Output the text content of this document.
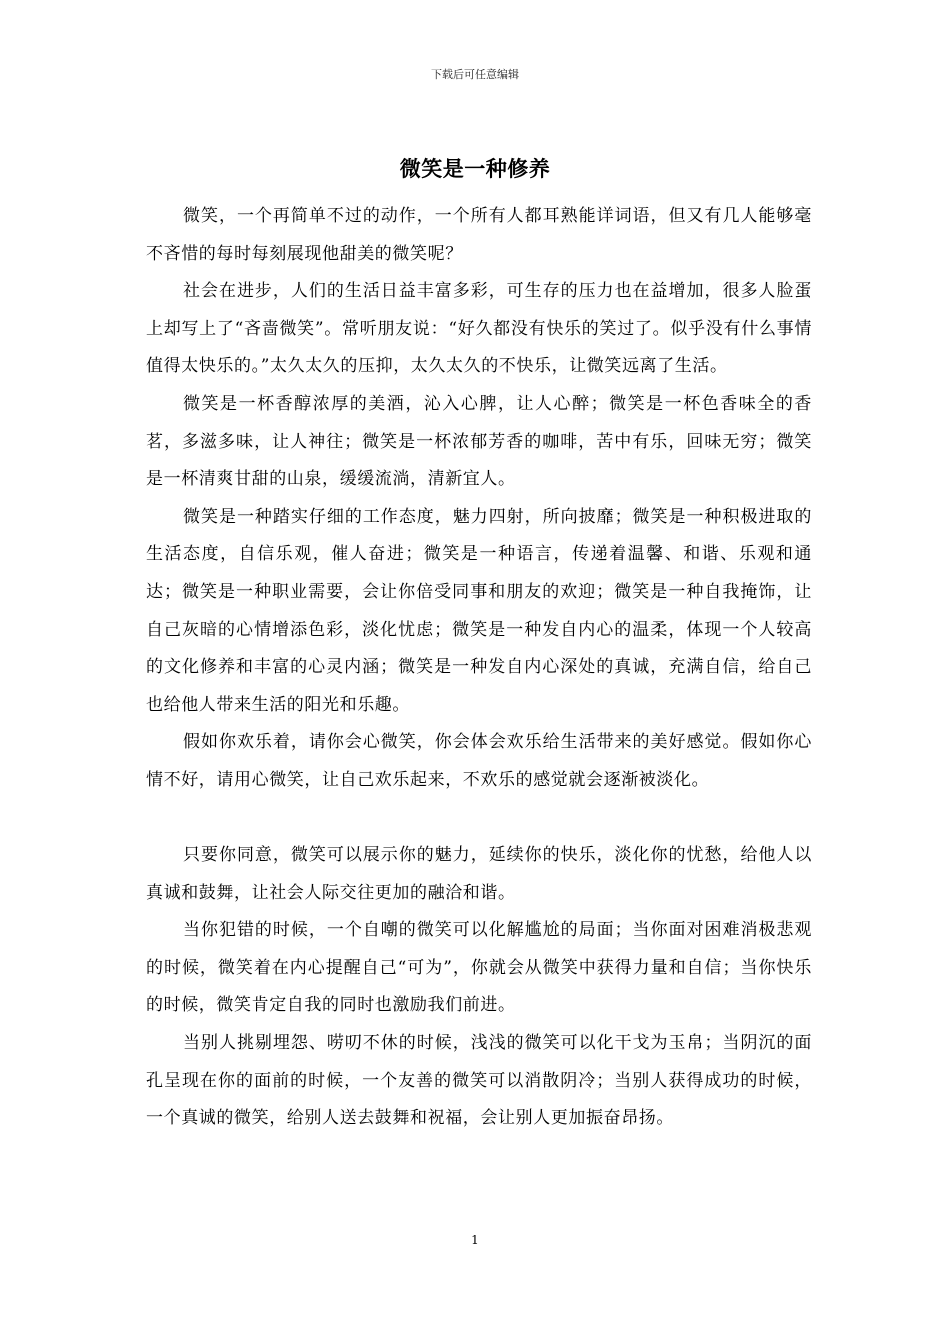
下载后可任意编辑
微笑是一种修养

微笑，一个再简单不过的动作，一个所有人都耳熟能详词语，但又有几人能够毫不吝惜的每时每刻展现他甜美的微笑呢？

社会在进步，人们的生活日益丰富多彩，可生存的压力也在益增加，很多人脸蛋上却写上了“吝啬微笑”。常听朋友说：“好久都没有快乐的笑过了。似乎没有什么事情值得太快乐的。”太久太久的压抑，太久太久的不快乐，让微笑远离了生活。

微笑是一杯香醇浓厚的美酒，沁入心脾，让人心醉；微笑是一杯色香味全的香茗，多滋多味，让人神往；微笑是一杯浓郁芳香的咖啡，苦中有乐，回味无穷；微笑是一杯清爽甘甜的山泉，缓缓流淌，清新宜人。

微笑是一种踏实仔细的工作态度，魅力四射，所向披靡；微笑是一种积极进取的生活态度，自信乐观，催人奋进；微笑是一种语言，传递着温馨、和谐、乐观和通达；微笑是一种职业需要，会让你倍受同事和朋友的欢迎；微笑是一种自我掩饰，让自己灰暗的心情增添色彩，淡化忧虑；微笑是一种发自内心的温柔，体现一个人较高的文化修养和丰富的心灵内涵；微笑是一种发自内心深处的真诚，充满自信，给自己也给他人带来生活的阳光和乐趣。

假如你欢乐着，请你会心微笑，你会体会欢乐给生活带来的美好感觉。假如你心情不好，请用心微笑，让自己欢乐起来，不欢乐的感觉就会逐渐被淡化。

只要你同意，微笑可以展示你的魅力，延续你的快乐，淡化你的忧愁，给他人以真诚和鼓舞，让社会人际交往更加的融洽和谐。

当你犯错的时候，一个自嘲的微笑可以化解尴尬的局面；当你面对困难消极悲观的时候，微笑着在内心提醒自己“可为”，你就会从微笑中获得力量和自信；当你快乐的时候，微笑肯定自我的同时也激励我们前进。

当别人挑剔埋怨、唠叨不休的时候，浅浅的微笑可以化干戈为玉帛；当阴沉的面孔呈现在你的面前的时候，一个友善的微笑可以消散阴冷；当别人获得成功的时候，一个真诚的微笑，给别人送去鼓舞和祝福，会让别人更加振奋昂扬。

1
